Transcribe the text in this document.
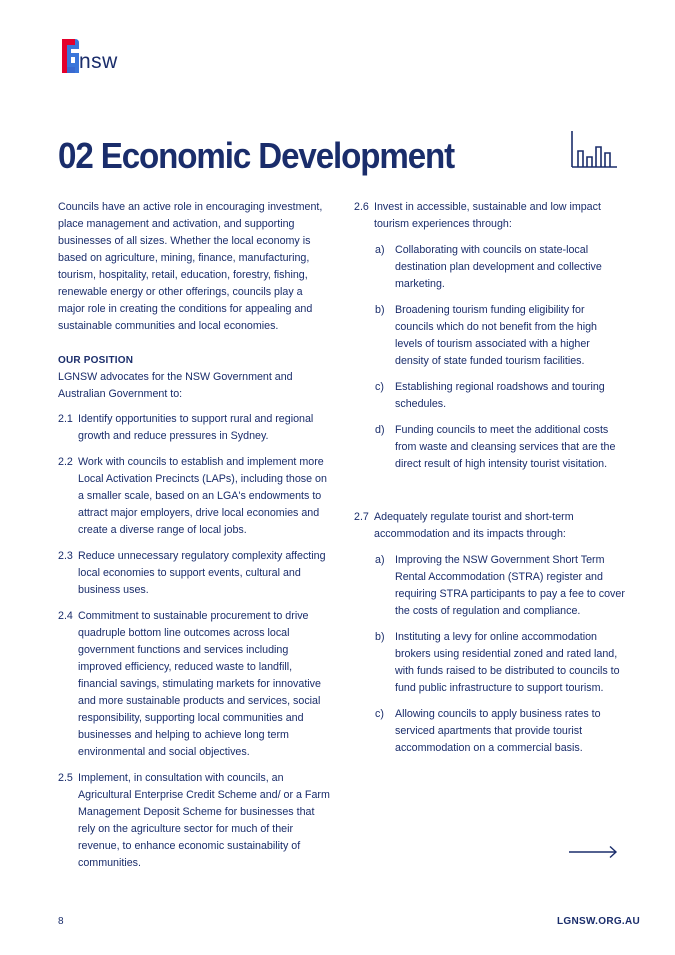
nsw
02 Economic Development

Councils have an active role in encouraging investment, place management and activation, and supporting businesses of all sizes. Whether the local economy is based on agriculture, mining, finance, manufacturing, tourism, hospitality, retail, education, forestry, fishing, renewable energy or other offerings, councils play a major role in creating the conditions for appealing and sustainable communities and local economies.

OUR POSITION

LGNSW advocates for the NSW Government and Australian Government to:

2.1 Identify opportunities to support rural and regional growth and reduce pressures in Sydney.

2.2 Work with councils to establish and implement more Local Activation Precincts (LAPs), including those on a smaller scale, based on an LGA's endowments to attract major employers, drive local economies and create a diverse range of local jobs.

2.3 Reduce unnecessary regulatory complexity affecting local economies to support events, cultural and business uses.

2.4 Commitment to sustainable procurement to drive quadruple bottom line outcomes across local government functions and services including improved efficiency, reduced waste to landfill, financial savings, stimulating markets for innovative and more sustainable products and services, social responsibility, supporting local communities and businesses and helping to achieve long term environmental and social objectives.

2.5 Implement, in consultation with councils, an Agricultural Enterprise Credit Scheme and/ or a Farm Management Deposit Scheme for businesses that rely on the agriculture sector for much of their revenue, to enhance economic sustainability of communities.

2.6 Invest in accessible, sustainable and low impact tourism experiences through:

a) Collaborating with councils on state-local destination plan development and collective marketing.

b) Broadening tourism funding eligibility for councils which do not benefit from the high levels of tourism associated with a higher density of state funded tourism facilities.

c) Establishing regional roadshows and touring schedules.

d) Funding councils to meet the additional costs from waste and cleansing services that are the direct result of high intensity tourist visitation.

2.7 Adequately regulate tourist and short-term accommodation and its impacts through:

a) Improving the NSW Government Short Term Rental Accommodation (STRA) register and requiring STRA participants to pay a fee to cover the costs of regulation and compliance.

b) Instituting a levy for online accommodation brokers using residential zoned and rated land, with funds raised to be distributed to councils to fund public infrastructure to support tourism.

c) Allowing councils to apply business rates to serviced apartments that provide tourist accommodation on a commercial basis.

8	LGNSW.ORG.AU
